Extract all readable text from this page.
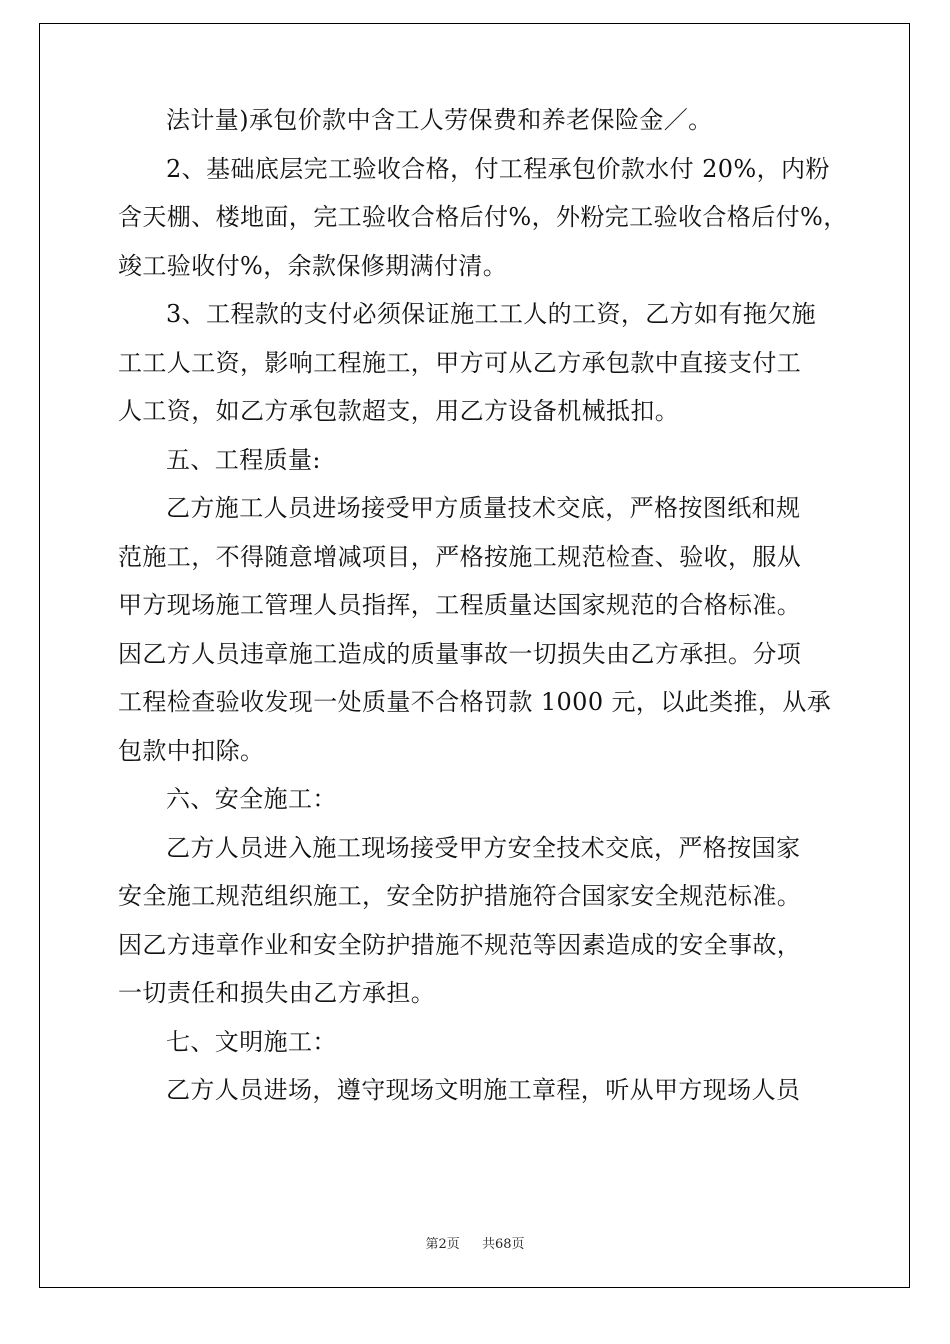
法计量)承包价款中含工人劳保费和养老保险金／。
2、基础底层完工验收合格，付工程承包价款水付 20%，内粉
含天棚、楼地面，完工验收合格后付%，外粉完工验收合格后付%，
竣工验收付%，余款保修期满付清。
3、工程款的支付必须保证施工工人的工资，乙方如有拖欠施
工工人工资，影响工程施工，甲方可从乙方承包款中直接支付工
人工资，如乙方承包款超支，用乙方设备机械抵扣。
五、工程质量:
乙方施工人员进场接受甲方质量技术交底，严格按图纸和规
范施工，不得随意增减项目，严格按施工规范检查、验收，服从
甲方现场施工管理人员指挥，工程质量达国家规范的合格标准。
因乙方人员违章施工造成的质量事故一切损失由乙方承担。分项
工程检查验收发现一处质量不合格罚款 1000 元，以此类推，从承
包款中扣除。
六、安全施工：
乙方人员进入施工现场接受甲方安全技术交底，严格按国家
安全施工规范组织施工，安全防护措施符合国家安全规范标准。
因乙方违章作业和安全防护措施不规范等因素造成的安全事故，
一切责任和损失由乙方承担。
七、文明施工：
乙方人员进场，遵守现场文明施工章程，听从甲方现场人员

第2页 共68页
